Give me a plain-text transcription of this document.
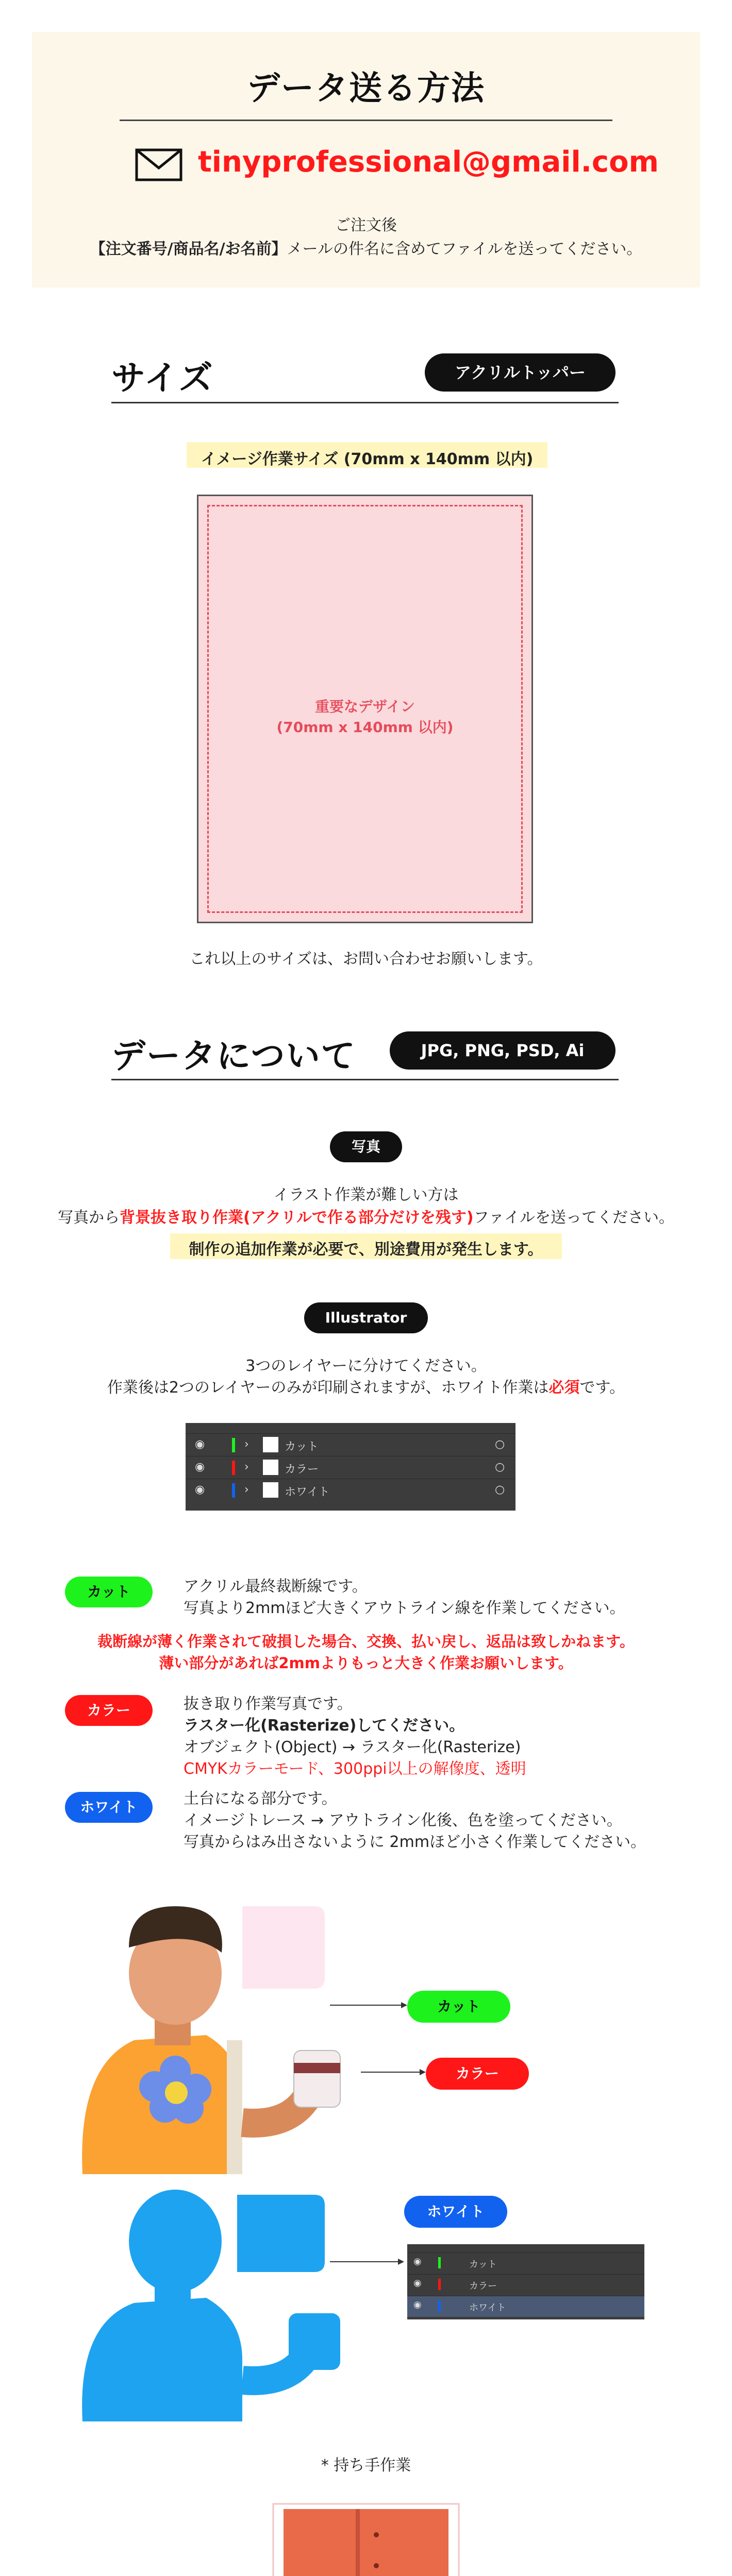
データ送る方法
tinyprofessional@gmail.com
ご注文後
【注文番号/商品名/お名前】メールの件名に含めてファイルを送ってください。
サイズ	アクリルトッパー
イメージ作業サイズ (70mm x 140mm 以内)
重要なデザイン
(70mm x 140mm 以内)
これ以上のサイズは、お問い合わせお願いします。
データについて	JPG, PNG, PSD, Ai
写真
イラスト作業が難しい方は
写真から背景抜き取り作業(アクリルで作る部分だけを残す)ファイルを送ってください。
制作の追加作業が必要で、別途費用が発生します。
Illustrator
3つのレイヤーに分けてください。
作業後は2つのレイヤーのみが印刷されますが、ホワイト作業は必須です。
◉	›	カット	○
◉	›	カラー	○
◉	›	ホワイト	○
カット	アクリル最終裁断線です。
写真より2mmほど大きくアウトライン線を作業してください。
裁断線が薄く作業されて破損した場合、交換、払い戻し、返品は致しかねます。
薄い部分があれば2mmよりもっと大きく作業お願いします。
カラー	抜き取り作業写真です。
ラスター化(Rasterize)してください。
オブジェクト(Object) → ラスター化(Rasterize)
CMYKカラーモード、300ppi以上の解像度、透明
ホワイト	土台になる部分です。
イメージトレース → アウトライン化後、色を塗ってください。
写真からはみ出さないように 2mmほど小さく作業してください。
カット
カラー
ホワイト
◉	カット
◉	カラー
◉	ホワイト
* 持ち手作業
